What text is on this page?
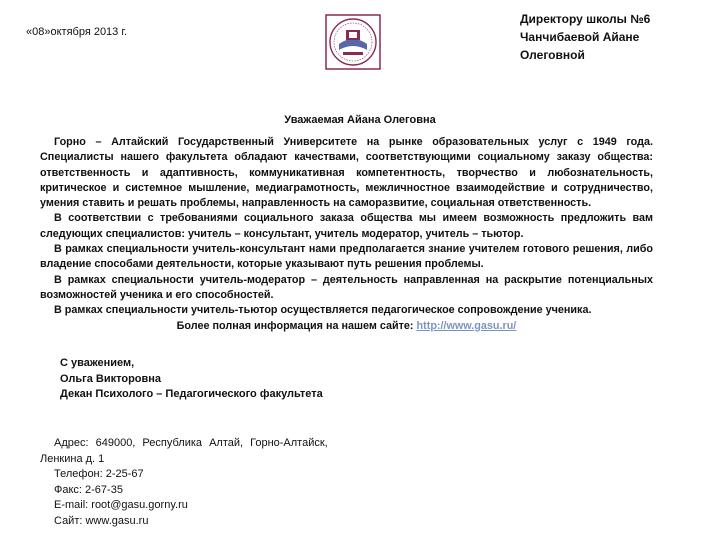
«08»октября 2013 г.
Директору школы №6
Чанчибаевой Айане
Олеговной
Уважаемая Айана Олеговна

Горно – Алтайский Государственный Университете на рынке образовательных услуг с 1949 года. Специалисты нашего факультета обладают качествами, соответствующими социальному заказу общества: ответственность и адаптивность, коммуникативная компетентность, творчество и любознательность, критическое и системное мышление, медиаграмотность, межличностное взаимодействие и сотрудничество, умения ставить и решать проблемы, направленность на саморазвитие, социальная ответственность.

В соответствии с требованиями социального заказа общества мы имеем возможность предложить вам следующих специалистов: учитель – консультант, учитель модератор, учитель – тьютор.

В рамках специальности учитель-консультант нами предполагается знание учителем готового решения, либо владение способами деятельности, которые указывают путь решения проблемы.

В рамках специальности учитель-модератор – деятельность направленная на раскрытие потенциальных возможностей ученика и его способностей.

В рамках специальности учитель-тьютор осуществляется педагогическое сопровождение ученика.

Более полная информация на нашем сайте: http://www.gasu.ru/

С уважением,
Ольга Викторовна
Декан Психолого – Педагогического факультета
Адрес: 649000, Республика Алтай, Горно-Алтайск,
Ленкина д. 1
Телефон: 2-25-67
Факс: 2-67-35
E-mail: root@gasu.gorny.ru
Сайт: www.gasu.ru
